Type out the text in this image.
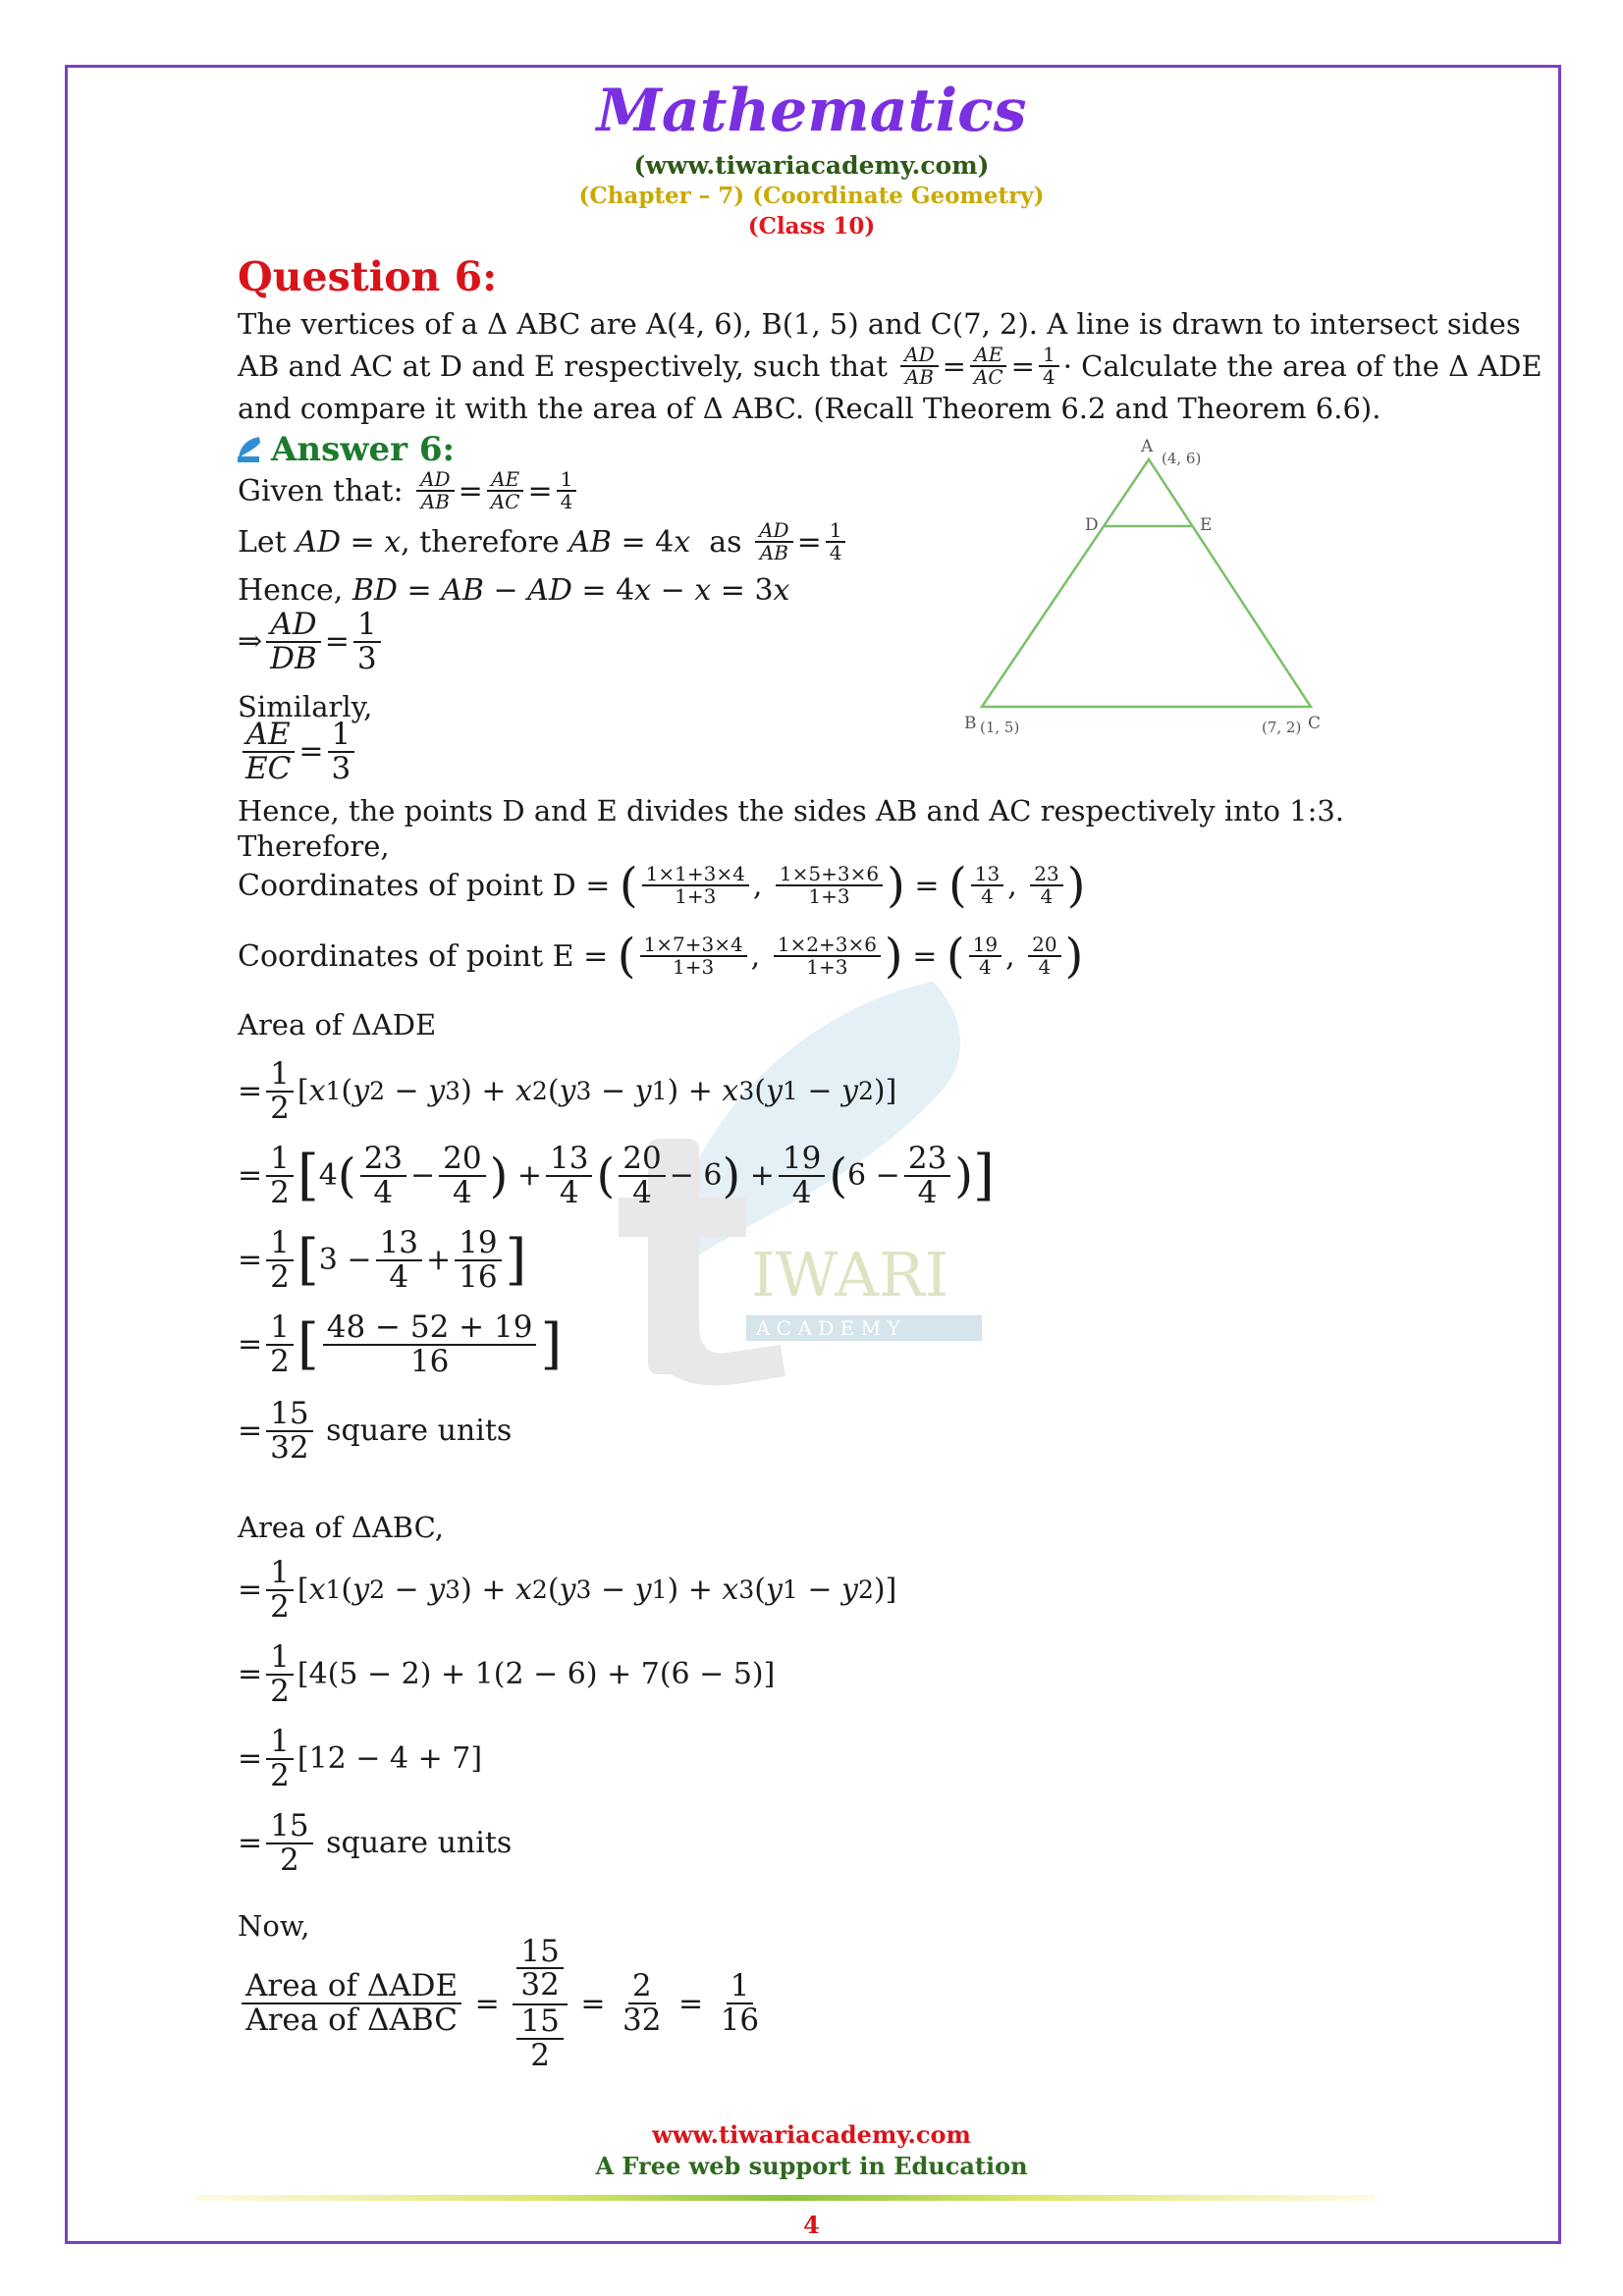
Mathematics
(www.tiwariacademy.com)
(Chapter – 7) (Coordinate Geometry)
(Class 10)
IWARI
A C A D E M Y
Question 6:
The vertices of a Δ ABC are A(4, 6), B(1, 5) and C(7, 2). A line is drawn to intersect sides
AB and AC at D and E respectively, such that
$\frac{AD}{AB} = \frac{AE}{AC} = \frac{1}{4}$ · Calculate the area of the Δ ADE
and compare it with the area of Δ ABC. (Recall Theorem 6.2 and Theorem 6.6).
Answer 6:
Given that:
$\frac{AD}{AB} = \frac{AE}{AC} = \frac{1}{4}$
Let
AD = x , therefore
AB = 4 x
as
$\frac{AD}{AB} = \frac{1}{4}$
Hence,
BD = AB − AD = 4 x − x = 3 x
⇒ $\frac{AD}{DB} = \frac{1}{3}$
Similarly,
$\frac{AE}{EC} = \frac{1}{3}$
Hence, the points D and E divides the sides AB and AC respectively into 1:3.
Therefore,
Coordinates of point D =
( $\frac{1\times 1+3\times 4}{1+3}$ , $\frac{1\times 5+3\times 6}{1+3}$ ) = ( $\frac{13}{4}$ , $\frac{23}{4}$ )
Coordinates of point E =
( $\frac{1\times 7+3\times 4}{1+3}$ , $\frac{1\times 2+3\times 6}{1+3}$ ) = ( $\frac{19}{4}$ , $\frac{20}{4}$ )
Area of ΔADE
= $\frac{1}{2}$ [ x 1 ( y 2 − y 3 ) + x 2 ( y 3 − y 1 ) + x 3 ( y 1 − y 2 )]
= $\frac{1}{2}$ [ 4 ( $\frac{23}{4} - \frac{20}{4}$ ) + $\frac{13}{4}$ ( $\frac{20}{4} - 6$ ) + $\frac{19}{4}$ ( $6 - \frac{23}{4}$ ) ]
= $\frac{1}{2}$ [ $3 - \frac{13}{4} + \frac{19}{16}$ ]
= $\frac{1}{2}$ [ $\frac{48 - 52 + 19}{16}$ ]
= $\frac{15}{32}$
square units
Area of ΔABC,
= $\frac{1}{2}$ [ x 1 ( y 2 − y 3 ) + x 2 ( y 3 − y 1 ) + x 3 ( y 1 − y 2 )]
= $\frac{1}{2} [4(5 - 2) + 1(2 - 6) + 7(6 - 5)]$
= $\frac{1}{2} [12 - 4 + 7]$
= $\frac{15}{2}$
square units
Now,
$\frac{\text{Area of ΔADE}}{\text{Area of ΔABC}} = \frac{\frac{15}{32}}{\frac{15}{2}} = \frac{2}{32} = \frac{1}{16}$
A
(4, 6)
D	E
B (1, 5)	(7, 2) C
www.tiwariacademy.com
A Free web support in Education
4
